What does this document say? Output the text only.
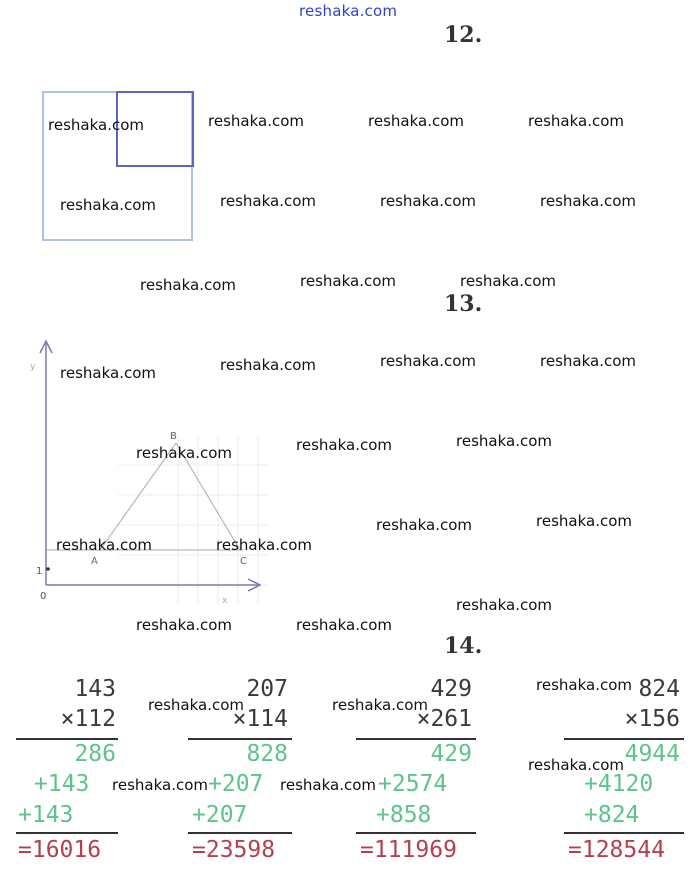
reshaka.com
12.
13.
14.
y
x
0
1
A
B
C
143
×112
286
+143
+143
=16016
207
×114
828
+207
+207
=23598
429
×261
429
+2574
+858
=111969
824
×156
4944
+4120
+824
=128544
reshaka.com	reshaka.com	reshaka.com	reshaka.com
reshaka.com	reshaka.com	reshaka.com	reshaka.com
reshaka.com	reshaka.com	reshaka.com
reshaka.com	reshaka.com	reshaka.com	reshaka.com
reshaka.com	reshaka.com	reshaka.com
reshaka.com	reshaka.com
reshaka.com	reshaka.com
reshaka.com
reshaka.com	reshaka.com
reshaka.com
reshaka.com	reshaka.com
reshaka.com
reshaka.com	reshaka.com
